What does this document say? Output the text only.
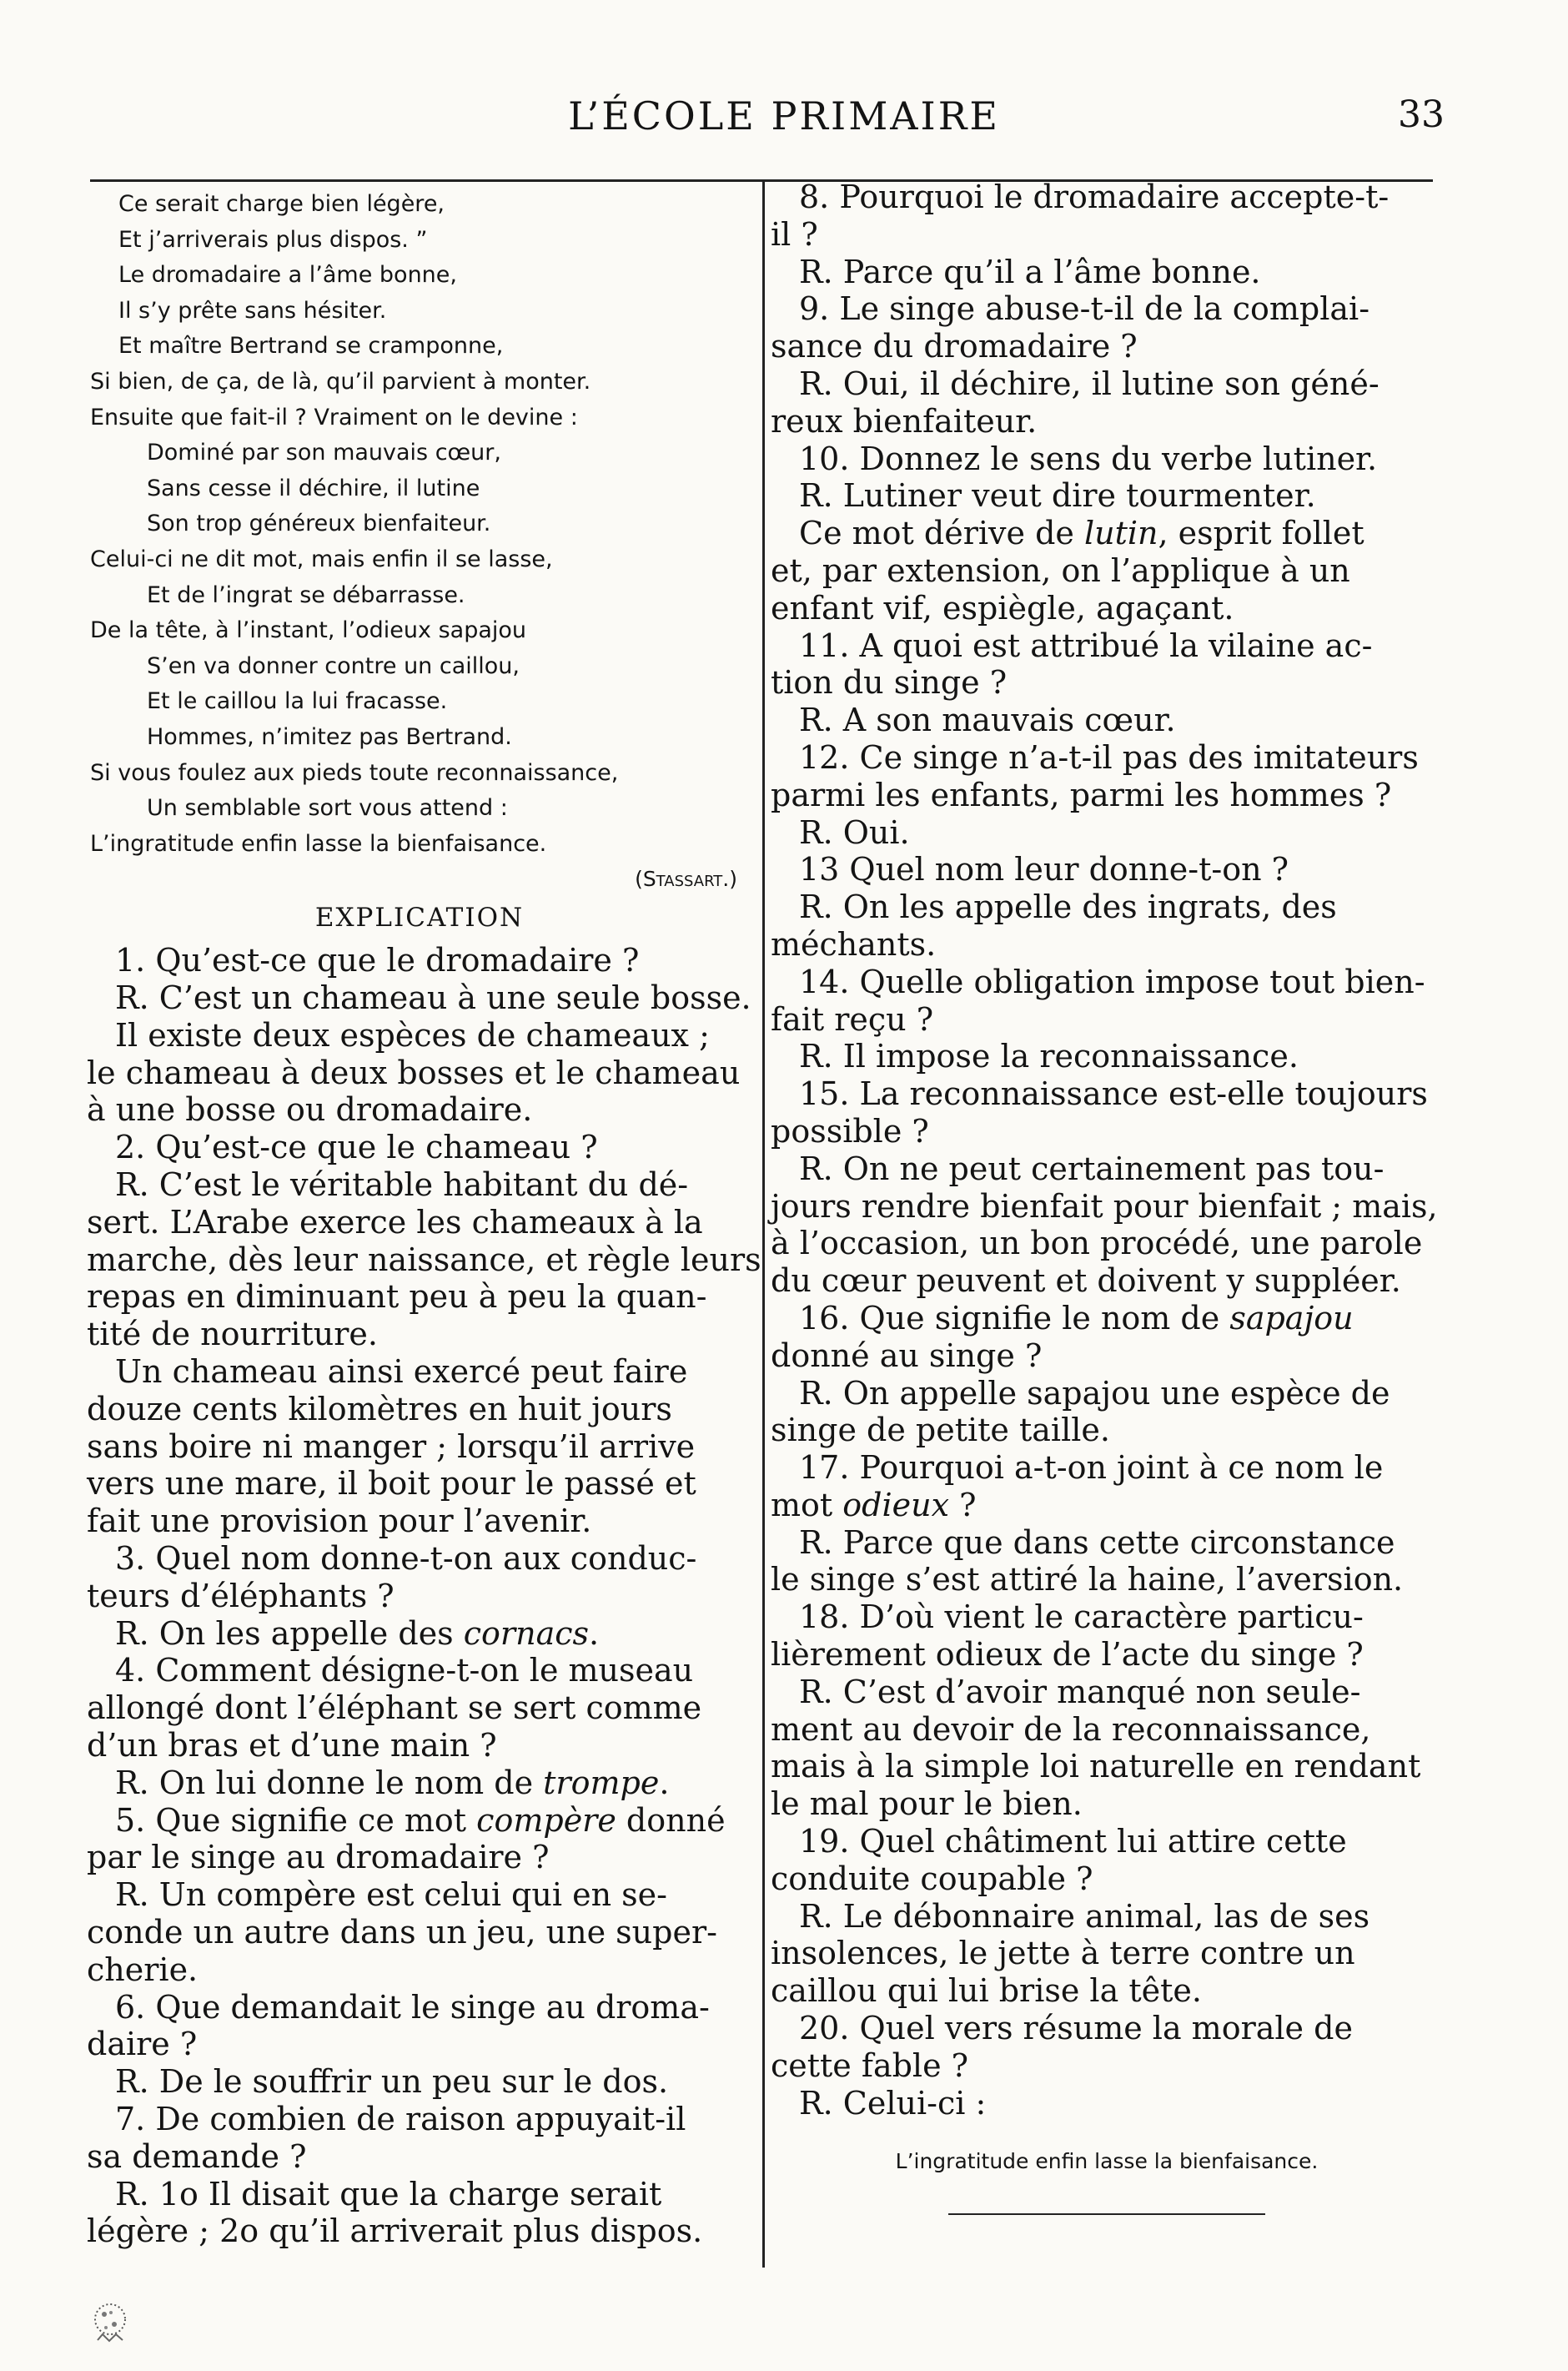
L’ÉCOLE PRIMAIRE	33
Ce serait charge bien légère,
Et j’arriverais plus dispos. ”
Le dromadaire a l’âme bonne,
Il s’y prête sans hésiter.
Et maître Bertrand se cramponne,
Si bien, de ça, de là, qu’il parvient à monter.
Ensuite que fait-il ? Vraiment on le devine :
Dominé par son mauvais cœur,
Sans cesse il déchire, il lutine
Son trop généreux bienfaiteur.
Celui-ci ne dit mot, mais enfin il se lasse,
Et de l’ingrat se débarrasse.
De la tête, à l’instant, l’odieux sapajou
S’en va donner contre un caillou,
Et le caillou la lui fracasse.
Hommes, n’imitez pas Bertrand.
Si vous foulez aux pieds toute reconnaissance,
Un semblable sort vous attend :
L’ingratitude enfin lasse la bienfaisance.
(Stassart.)
EXPLICATION
1. Qu’est-ce que le dromadaire ?
R. C’est un chameau à une seule bosse.
Il existe deux espèces de chameaux ;
le chameau à deux bosses et le chameau
à une bosse ou dromadaire.
2. Qu’est-ce que le chameau ?
R. C’est le véritable habitant du dé-
sert. L’Arabe exerce les chameaux à la
marche, dès leur naissance, et règle leurs
repas en diminuant peu à peu la quan-
tité de nourriture.
Un chameau ainsi exercé peut faire
douze cents kilomètres en huit jours
sans boire ni manger ; lorsqu’il arrive
vers une mare, il boit pour le passé et
fait une provision pour l’avenir.
3. Quel nom donne-t-on aux conduc-
teurs d’éléphants ?
R. On les appelle des cornacs.
4. Comment désigne-t-on le museau
allongé dont l’éléphant se sert comme
d’un bras et d’une main ?
R. On lui donne le nom de trompe.
5. Que signifie ce mot compère donné
par le singe au dromadaire ?
R. Un compère est celui qui en se-
conde un autre dans un jeu, une super-
cherie.
6. Que demandait le singe au droma-
daire ?
R. De le souffrir un peu sur le dos.
7. De combien de raison appuyait-il
sa demande ?
R. 1o Il disait que la charge serait
légère ; 2o qu’il arriverait plus dispos.
8. Pourquoi le dromadaire accepte-t-
il ?
R. Parce qu’il a l’âme bonne.
9. Le singe abuse-t-il de la complai-
sance du dromadaire ?
R. Oui, il déchire, il lutine son géné-
reux bienfaiteur.
10. Donnez le sens du verbe lutiner.
R. Lutiner veut dire tourmenter.
Ce mot dérive de lutin, esprit follet
et, par extension, on l’applique à un
enfant vif, espiègle, agaçant.
11. A quoi est attribué la vilaine ac-
tion du singe ?
R. A son mauvais cœur.
12. Ce singe n’a-t-il pas des imitateurs
parmi les enfants, parmi les hommes ?
R. Oui.
13 Quel nom leur donne-t-on ?
R. On les appelle des ingrats, des
méchants.
14. Quelle obligation impose tout bien-
fait reçu ?
R. Il impose la reconnaissance.
15. La reconnaissance est-elle toujours
possible ?
R. On ne peut certainement pas tou-
jours rendre bienfait pour bienfait ; mais,
à l’occasion, un bon procédé, une parole
du cœur peuvent et doivent y suppléer.
16. Que signifie le nom de sapajou
donné au singe ?
R. On appelle sapajou une espèce de
singe de petite taille.
17. Pourquoi a-t-on joint à ce nom le
mot odieux ?
R. Parce que dans cette circonstance
le singe s’est attiré la haine, l’aversion.
18. D’où vient le caractère particu-
lièrement odieux de l’acte du singe ?
R. C’est d’avoir manqué non seule-
ment au devoir de la reconnaissance,
mais à la simple loi naturelle en rendant
le mal pour le bien.
19. Quel châtiment lui attire cette
conduite coupable ?
R. Le débonnaire animal, las de ses
insolences, le jette à terre contre un
caillou qui lui brise la tête.
20. Quel vers résume la morale de
cette fable ?
R. Celui-ci :
L’ingratitude enfin lasse la bienfaisance.
